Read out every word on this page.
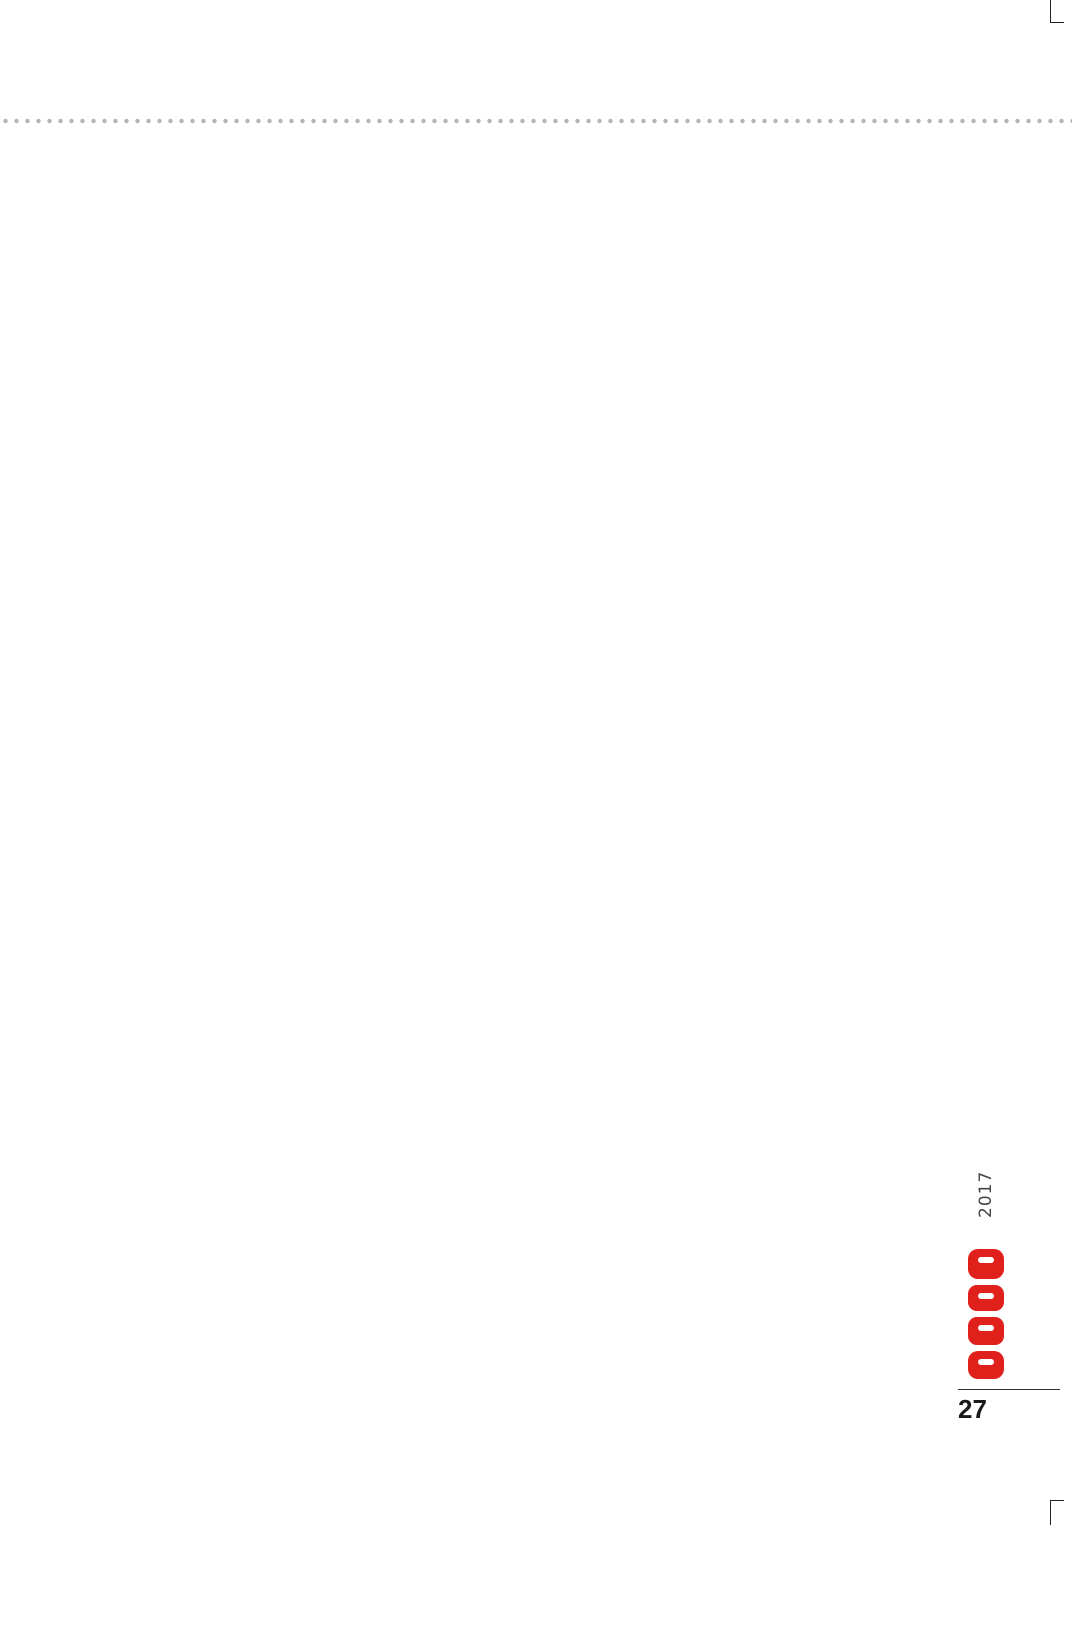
2017
27
